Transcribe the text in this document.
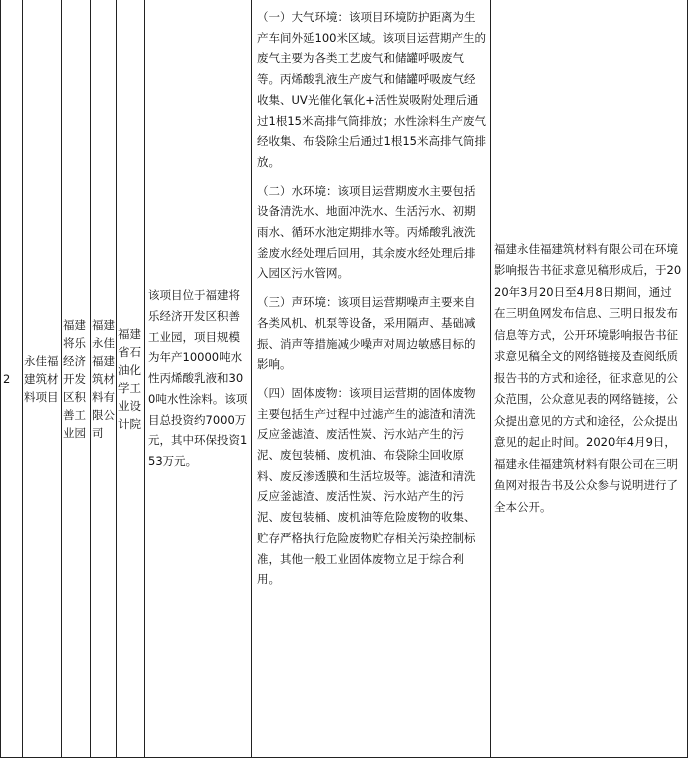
2
永佳福建筑材料项目
福建将乐经济开发区积善工业园
福建永佳福建筑材料有限公司
福建省石油化学工业设计院

该项目位于福建将乐经济开发区积善工业园，项目规模为年产10000吨水性丙烯酸乳液和300吨水性涂料。该项目总投资约7000万元，其中环保投资153万元。

（一）大气环境：该项目环境防护距离为生产车间外延100米区域。该项目运营期产生的废气主要为各类工艺废气和储罐呼吸废气等。丙烯酸乳液生产废气和储罐呼吸废气经收集、UV光催化氧化+活性炭吸附处理后通过1根15米高排气筒排放；水性涂料生产废气经收集、布袋除尘后通过1根15米高排气筒排放。

（二）水环境：该项目运营期废水主要包括设备清洗水、地面冲洗水、生活污水、初期雨水、循环水池定期排水等。丙烯酸乳液洗釜废水经处理后回用，其余废水经处理后排入园区污水管网。

（三）声环境：该项目运营期噪声主要来自各类风机、机泵等设备，采用隔声、基础减振、消声等措施减少噪声对周边敏感目标的影响。

（四）固体废物：该项目运营期的固体废物主要包括生产过程中过滤产生的滤渣和清洗反应釜滤渣、废活性炭、污水站产生的污泥、废包装桶、废机油、布袋除尘回收原料、废反渗透膜和生活垃圾等。滤渣和清洗反应釜滤渣、废活性炭、污水站产生的污泥、废包装桶、废机油等危险废物的收集、贮存严格执行危险废物贮存相关污染控制标准，其他一般工业固体废物立足于综合利用。

福建永佳福建筑材料有限公司在环境影响报告书征求意见稿形成后，于2020年3月20日至4月8日期间，通过在三明鱼网发布信息、三明日报发布信息等方式，公开环境影响报告书征求意见稿全文的网络链接及查阅纸质报告书的方式和途径，征求意见的公众范围，公众意见表的网络链接，公众提出意见的方式和途径，公众提出意见的起止时间。2020年4月9日，福建永佳福建筑材料有限公司在三明鱼网对报告书及公众参与说明进行了全本公开。
